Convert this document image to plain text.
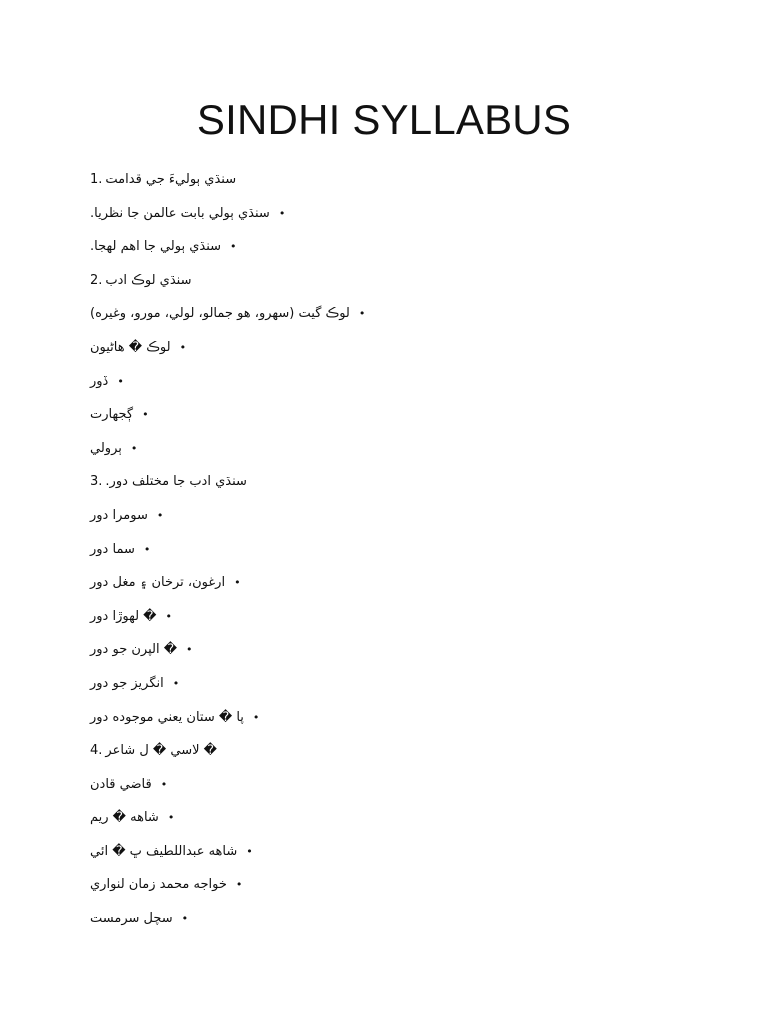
SINDHI SYLLABUS
1. سنڌي ٻوليءَ جي قدامت
سنڌي ٻولي بابت عالمن جا نظريا. •
سنڌي ٻولي جا اهم لهجا. •
2. سنڌي لوڪ ادب
لوڪ گيت (سهرو، هو جمالو، لولي، مورو، وغيره) •
لوڪ � هاڻيون •
ڏور •
ڳجهارت •
ٻرولي •
3. سنڌي ادب جا مختلف دور.
سومرا دور •
سما دور •
ارغون، ترخان ۽ مغل دور •
� لهوڙا دور •
� الپرن جو دور •
انگريز جو دور •
پا � ستان يعني موجوده دور •
4. � لاسي � ل شاعر
قاضي قادن •
شاهه � ريم •
شاهه عبداللطيف ڀ � ائي •
خواجه محمد زمان لنواري •
سچل سرمست •
